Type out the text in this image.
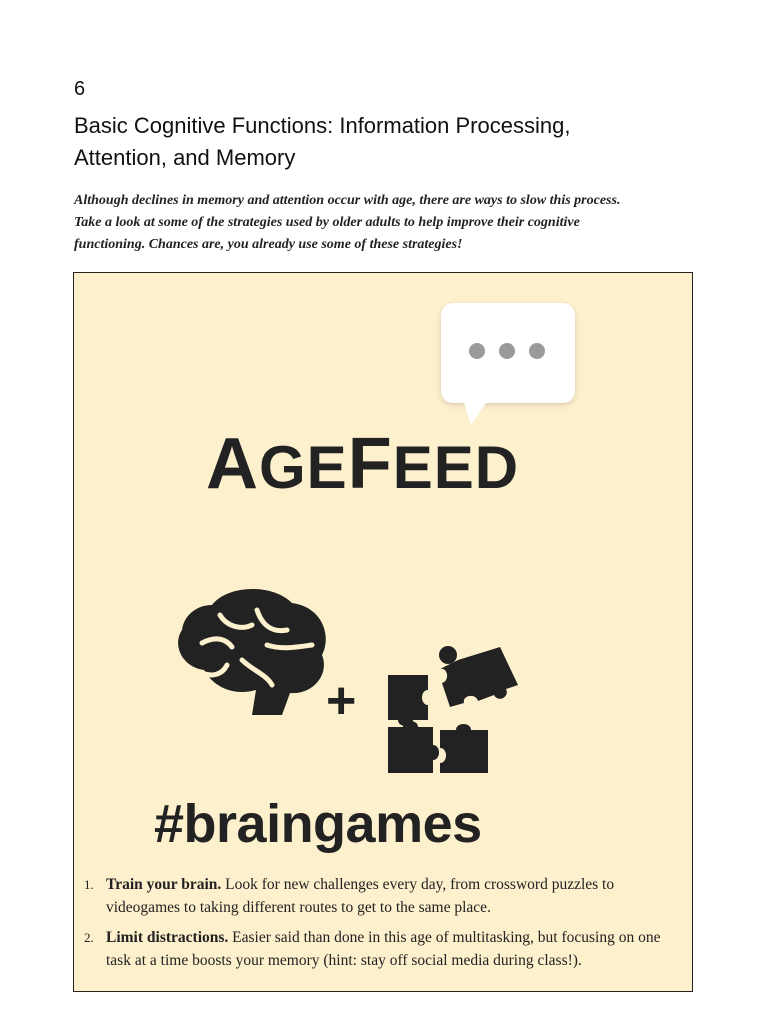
6
Basic Cognitive Functions: Information Processing,
Attention, and Memory
Although declines in memory and attention occur with age, there are ways to slow this process.
Take a look at some of the strategies used by older adults to help improve their cognitive
functioning. Chances are, you already use some of these strategies!
AGEFEED
+
#braingames
1. Train your brain. Look for new challenges every day, from crossword puzzles to videogames to taking different routes to get to the same place.
2. Limit distractions. Easier said than done in this age of multitasking, but focusing on one task at a time boosts your memory (hint: stay off social media during class!).
